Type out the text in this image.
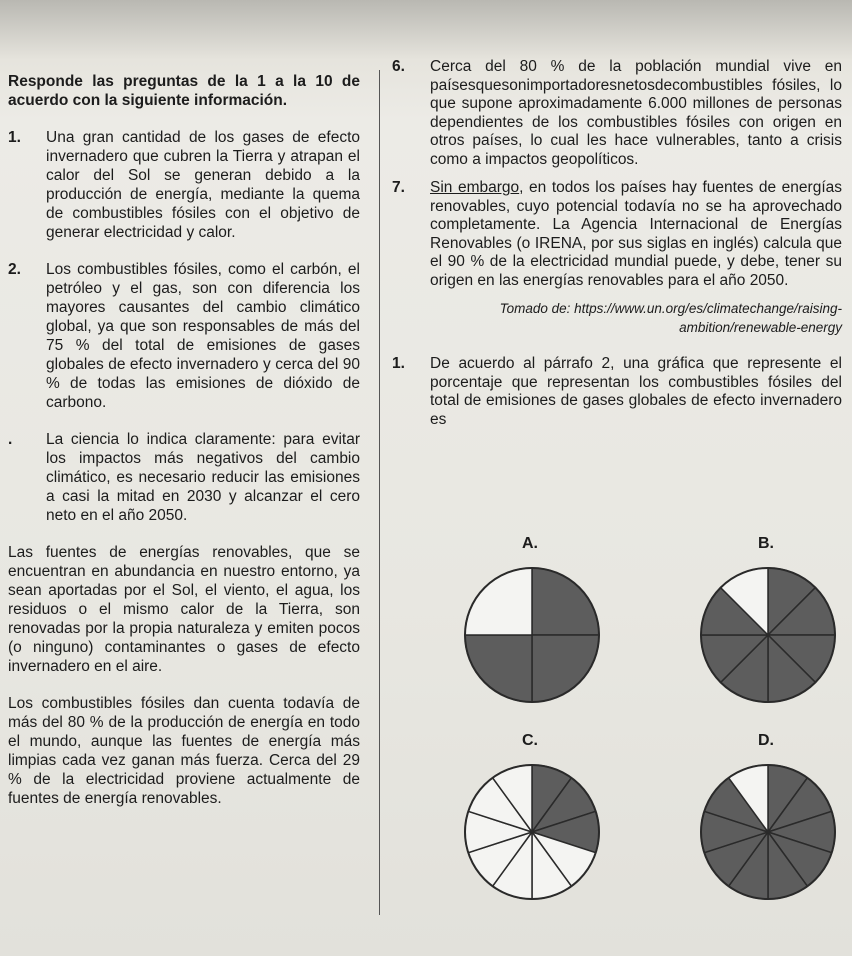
Responde las preguntas de la 1 a la 10 de acuerdo con la siguiente información.

1.	Una gran cantidad de los gases de efecto invernadero que cubren la Tierra y atrapan el calor del Sol se generan debido a la producción de energía, mediante la quema de combustibles fósiles con el objetivo de generar electricidad y calor.

2.	Los combustibles fósiles, como el carbón, el petróleo y el gas, son con diferencia los mayores causantes del cambio climático global, ya que son responsables de más del 75 % del total de emisiones de gases globales de efecto invernadero y cerca del 90 % de todas las emisiones de dióxido de carbono.

.	La ciencia lo indica claramente: para evitar los impactos más negativos del cambio climático, es necesario reducir las emisiones a casi la mitad en 2030 y alcanzar el cero neto en el año 2050.

Las fuentes de energías renovables, que se encuentran en abundancia en nuestro entorno, ya sean aportadas por el Sol, el viento, el agua, los residuos o el mismo calor de la Tierra, son renovadas por la propia naturaleza y emiten pocos (o ninguno) contaminantes o gases de efecto invernadero en el aire.

Los combustibles fósiles dan cuenta todavía de más del 80 % de la producción de energía en todo el mundo, aunque las fuentes de energía más limpias cada vez ganan más fuerza. Cerca del 29 % de la electricidad proviene actualmente de fuentes de energía renovables.

6.	Cerca del 80 % de la población mundial vive en paísesquesonimportadoresnetosdecombustibles fósiles, lo que supone aproximadamente 6.000 millones de personas dependientes de los combustibles fósiles con origen en otros países, lo cual les hace vulnerables, tanto a crisis como a impactos geopolíticos.

7.	Sin embargo, en todos los países hay fuentes de energías renovables, cuyo potencial todavía no se ha aprovechado completamente. La Agencia Internacional de Energías Renovables (o IRENA, por sus siglas en inglés) calcula que el 90 % de la electricidad mundial puede, y debe, tener su origen en las energías renovables para el año 2050.

Tomado de: https://www.un.org/es/climatechange/raising-ambition/renewable-energy

1.	De acuerdo al párrafo 2, una gráfica que represente el porcentaje que representan los combustibles fósiles del total de emisiones de gases globales de efecto invernadero es

A.	B.
C.	D.
